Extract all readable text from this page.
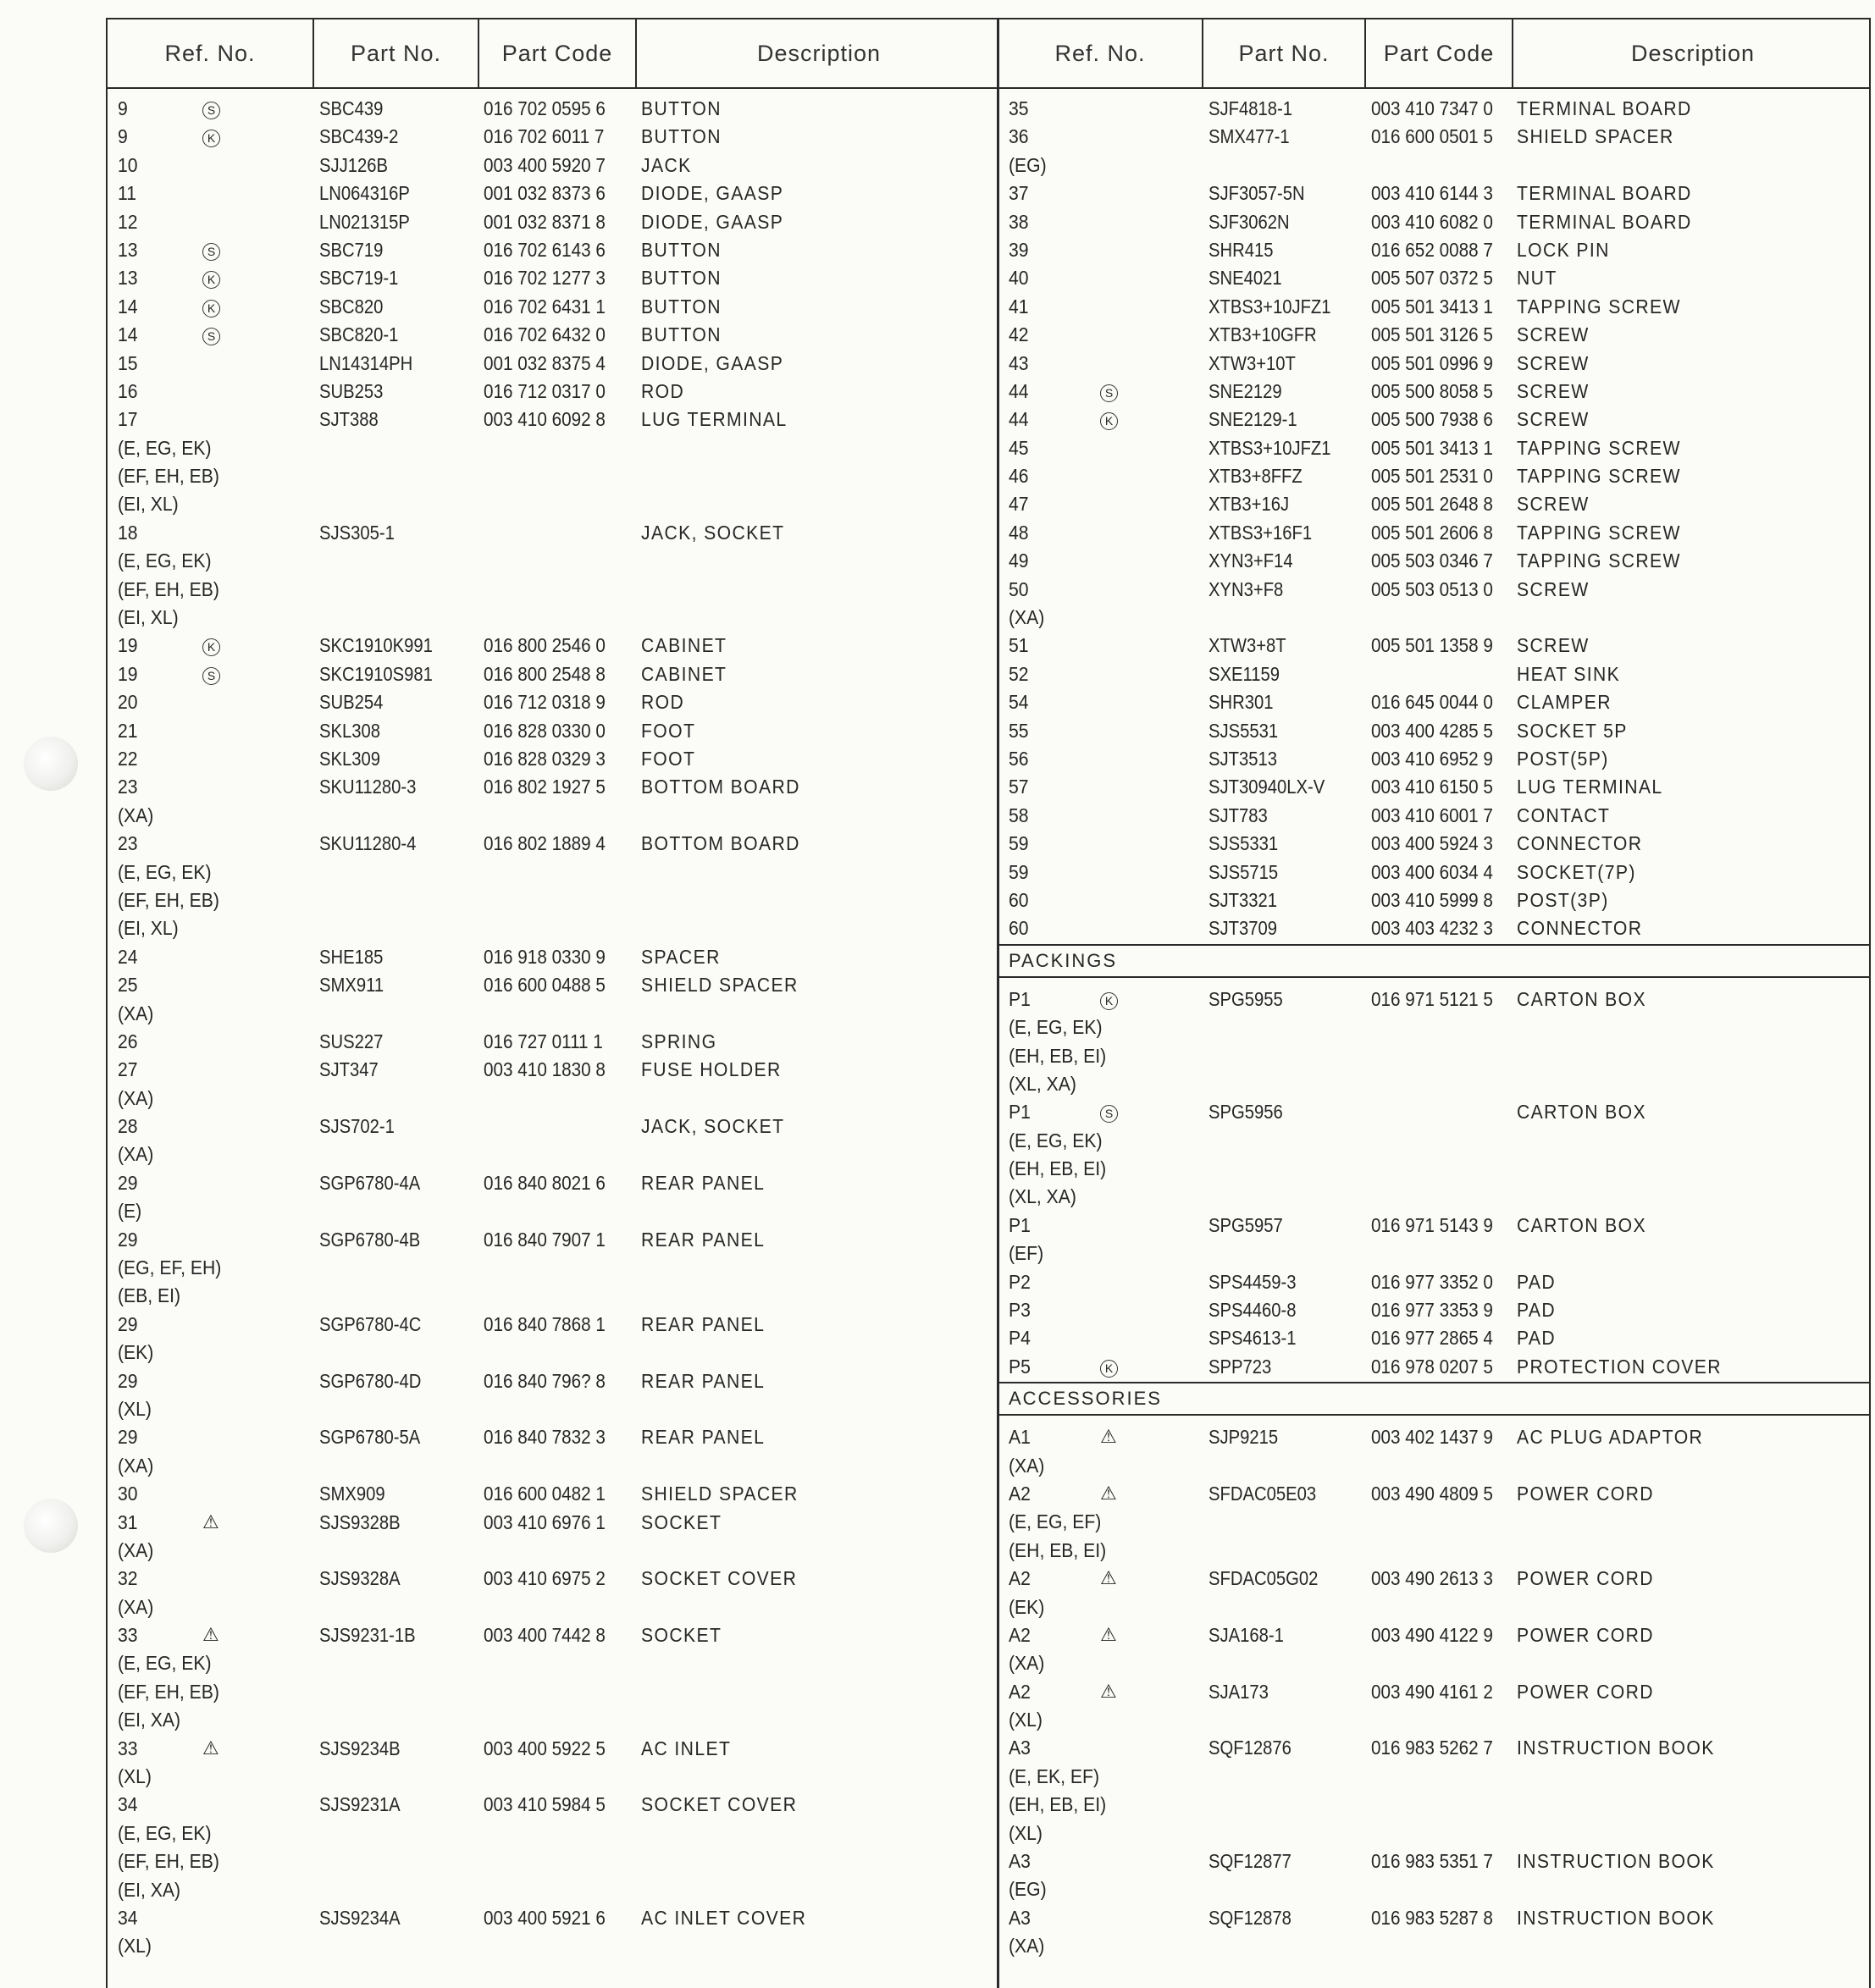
Ref. No.	Part No.	Part Code	Description
9	S	SBC439	016 702 0595 6 BUTTON
9	K	SBC439-2	016 702 6011 7 BUTTON
10	SJJ126B	003 400 5920 7 JACK
11	LN064316P	001 032 8373 6 DIODE, GAASP
12	LN021315P	001 032 8371 8 DIODE, GAASP
13	S	SBC719	016 702 6143 6 BUTTON
13	K	SBC719-1	016 702 1277 3 BUTTON
14	K	SBC820	016 702 6431 1 BUTTON
14	S	SBC820-1	016 702 6432 0 BUTTON
15	LN14314PH	001 032 8375 4 DIODE, GAASP
16	SUB253	016 712 0317 0 ROD
17	SJT388	003 410 6092 8 LUG TERMINAL
(E, EG, EK)
(EF, EH, EB)
(EI, XL)
18	SJS305-1	JACK, SOCKET
(E, EG, EK)
(EF, EH, EB)
(EI, XL)
19	K	SKC1910K991	016 800 2546 0 CABINET
19	S	SKC1910S981	016 800 2548 8 CABINET
20	SUB254	016 712 0318 9 ROD
21	SKL308	016 828 0330 0 FOOT
22	SKL309	016 828 0329 3 FOOT
23	SKU11280-3	016 802 1927 5 BOTTOM BOARD
(XA)
23	SKU11280-4	016 802 1889 4 BOTTOM BOARD
(E, EG, EK)
(EF, EH, EB)
(EI, XL)
24	SHE185	016 918 0330 9 SPACER
25	SMX911	016 600 0488 5 SHIELD SPACER
(XA)
26	SUS227	016 727 0111 1 SPRING
27	SJT347	003 410 1830 8 FUSE HOLDER
(XA)
28	SJS702-1	JACK, SOCKET
(XA)
29	SGP6780-4A	016 840 8021 6 REAR PANEL
(E)
29	SGP6780-4B	016 840 7907 1 REAR PANEL
(EG, EF, EH)
(EB, EI)
29	SGP6780-4C	016 840 7868 1 REAR PANEL
(EK)
29	SGP6780-4D	016 840 796? 8 REAR PANEL
(XL)
29	SGP6780-5A	016 840 7832 3 REAR PANEL
(XA)
30	SMX909	016 600 0482 1 SHIELD SPACER
31	⚠	SJS9328B	003 410 6976 1 SOCKET
(XA)
32	SJS9328A	003 410 6975 2 SOCKET COVER
(XA)
33	⚠	SJS9231-1B	003 400 7442 8 SOCKET
(E, EG, EK)
(EF, EH, EB)
(EI, XA)
33	⚠	SJS9234B	003 400 5922 5 AC INLET
(XL)
34	SJS9231A	003 410 5984 5 SOCKET COVER
(E, EG, EK)
(EF, EH, EB)
(EI, XA)
34	SJS9234A	003 400 5921 6 AC INLET COVER
(XL)
Ref. No.	Part No.	Part Code	Description
35	SJF4818-1	003 410 7347 0 TERMINAL BOARD
36	SMX477-1	016 600 0501 5 SHIELD SPACER
(EG)
37	SJF3057-5N	003 410 6144 3 TERMINAL BOARD
38	SJF3062N	003 410 6082 0 TERMINAL BOARD
39	SHR415	016 652 0088 7 LOCK PIN
40	SNE4021	005 507 0372 5 NUT
41	XTBS3+10JFZ1 005 501 3413 1 TAPPING SCREW
42	XTB3+10GFR	005 501 3126 5 SCREW
43	XTW3+10T	005 501 0996 9 SCREW
44	S	SNE2129	005 500 8058 5 SCREW
44	K	SNE2129-1	005 500 7938 6 SCREW
45	XTBS3+10JFZ1 005 501 3413 1 TAPPING SCREW
46	XTB3+8FFZ	005 501 2531 0 TAPPING SCREW
47	XTB3+16J	005 501 2648 8 SCREW
48	XTBS3+16F1	005 501 2606 8 TAPPING SCREW
49	XYN3+F14	005 503 0346 7 TAPPING SCREW
50	XYN3+F8	005 503 0513 0 SCREW
(XA)
51	XTW3+8T	005 501 1358 9 SCREW
52	SXE1159	HEAT SINK
54	SHR301	016 645 0044 0 CLAMPER
55	SJS5531	003 400 4285 5 SOCKET 5P
56	SJT3513	003 410 6952 9 POST(5P)
57	SJT30940LX-V 003 410 6150 5 LUG TERMINAL
58	SJT783	003 410 6001 7 CONTACT
59	SJS5331	003 400 5924 3 CONNECTOR
59	SJS5715	003 400 6034 4 SOCKET(7P)
60	SJT3321	003 410 5999 8 POST(3P)
60	SJT3709	003 403 4232 3 CONNECTOR
PACKINGS
P1	K	SPG5955	016 971 5121 5 CARTON BOX
(E, EG, EK)
(EH, EB, EI)
(XL, XA)
P1	S	SPG5956	CARTON BOX
(E, EG, EK)
(EH, EB, EI)
(XL, XA)
P1	SPG5957	016 971 5143 9 CARTON BOX
(EF)
P2	SPS4459-3	016 977 3352 0 PAD
P3	SPS4460-8	016 977 3353 9 PAD
P4	SPS4613-1	016 977 2865 4 PAD
P5	K	SPP723	016 978 0207 5 PROTECTION COVER
ACCESSORIES
A1	⚠	SJP9215	003 402 1437 9 AC PLUG ADAPTOR
(XA)
A2	⚠	SFDAC05E03	003 490 4809 5 POWER CORD
(E, EG, EF)
(EH, EB, EI)
A2	⚠	SFDAC05G02	003 490 2613 3 POWER CORD
(EK)
A2	⚠	SJA168-1	003 490 4122 9 POWER CORD
(XA)
A2	⚠	SJA173	003 490 4161 2 POWER CORD
(XL)
A3	SQF12876	016 983 5262 7 INSTRUCTION BOOK
(E, EK, EF)
(EH, EB, EI)
(XL)
A3	SQF12877	016 983 5351 7 INSTRUCTION BOOK
(EG)
A3	SQF12878	016 983 5287 8 INSTRUCTION BOOK
(XA)
